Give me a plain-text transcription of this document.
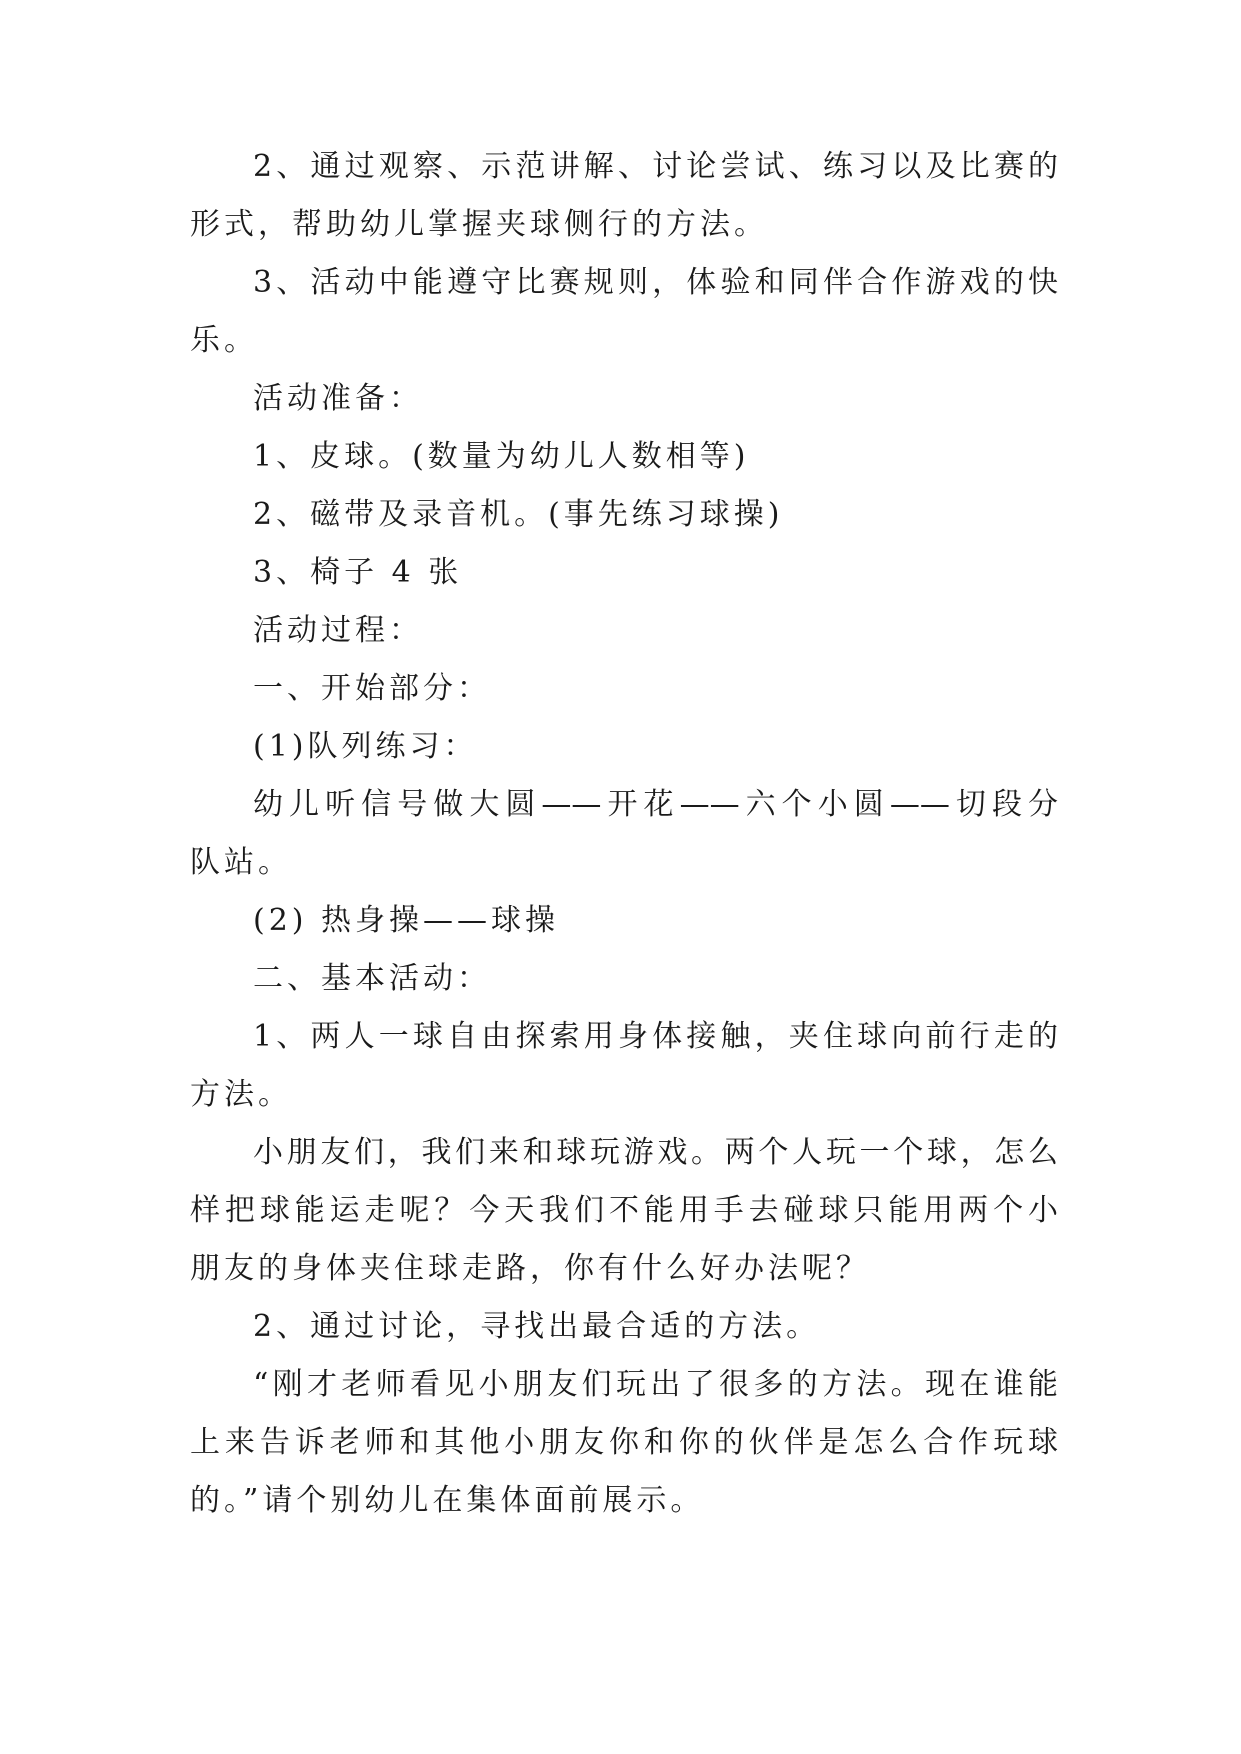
2、通过观察、示范讲解、讨论尝试、练习以及比赛的
形式，帮助幼儿掌握夹球侧行的方法。
3、活动中能遵守比赛规则，体验和同伴合作游戏的快
乐。
活动准备：
1、皮球。(数量为幼儿人数相等)
2、磁带及录音机。(事先练习球操)
3、椅子 4 张
活动过程：
一、开始部分：
(1)队列练习：
幼儿听信号做大圆——开花——六个小圆——切段分
队站。
(2) 热身操——球操
二、基本活动：
1、两人一球自由探索用身体接触，夹住球向前行走的
方法。
小朋友们，我们来和球玩游戏。两个人玩一个球，怎么
样把球能运走呢？今天我们不能用手去碰球只能用两个小
朋友的身体夹住球走路，你有什么好办法呢？
2、通过讨论，寻找出最合适的方法。
“刚才老师看见小朋友们玩出了很多的方法。现在谁能
上来告诉老师和其他小朋友你和你的伙伴是怎么合作玩球
的。”请个别幼儿在集体面前展示。
